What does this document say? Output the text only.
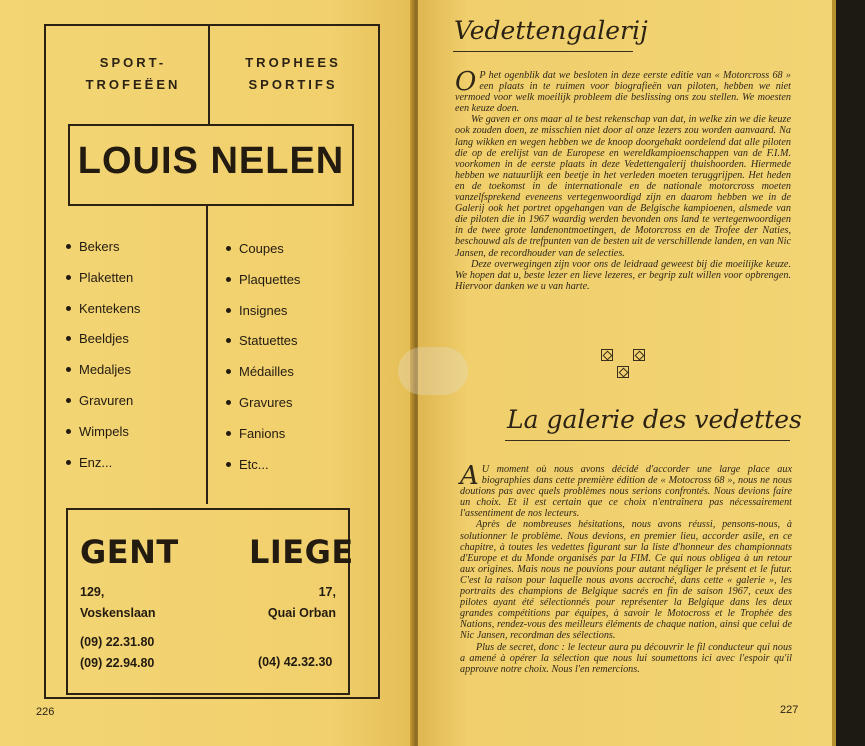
SPORT-
TROFEËEN
TROPHEES
SPORTIFS
LOUIS NELEN
Bekers
Plaketten
Kentekens
Beeldjes
Medaljes
Gravuren
Wimpels
Enz...
Coupes
Plaquettes
Insignes
Statuettes
Médailles
Gravures
Fanions
Etc...
GENT LIEGE
129,
Voskenslaan
(09) 22.31.80
(09) 22.94.80
17,
Quai Orban
(04) 42.32.30
226
Vedettengalerij

O P het ogenblik dat we besloten in deze eerste editie van « Motorcross 68 » een plaats in te ruimen voor biografieën van piloten, hebben we niet vermoed voor welk moeilijk probleem die beslissing ons zou stellen. We moesten een keuze doen.

We gaven er ons maar al te best rekenschap van dat, in welke zin we die keuze ook zouden doen, ze misschien niet door al onze lezers zou worden aanvaard. Na lang wikken en wegen hebben we de knoop doorgehakt oordelend dat alle piloten die op de erelijst van de Europese en wereldkampioenschappen van de F.I.M. voorkomen in de eerste plaats in deze Vedettengalerij thuishoorden. Hiermede hebben we natuurlijk een beetje in het verleden moeten teruggrijpen. Het heden en de toekomst in de internationale en de nationale motorcross moeten vanzelfsprekend eveneens vertegenwoordigd zijn en daarom hebben we in de Galerij ook het portret opgehangen van de Belgische kampioenen, alsmede van die piloten die in 1967 waardig werden bevonden ons land te vertegenwoordigen in de twee grote landenontmoetingen, de Motorcross en de Trofee der Naties, beschouwd als de trefpunten van de besten uit de verschillende landen, en van Nic Jansen, de recordhouder van de selecties.

Deze overwegingen zijn voor ons de leidraad geweest bij die moeilijke keuze. We hopen dat u, beste lezer en lieve lezeres, er begrip zult willen voor opbrengen. Hiervoor danken we u van harte.

La galerie des vedettes

A U moment où nous avons décidé d'accorder une large place aux biographies dans cette première édition de « Motocross 68 », nous ne nous doutions pas avec quels problèmes nous serions confrontés. Nous devions faire un choix. Et il est certain que ce choix n'entraînera pas nécessairement l'assentiment de nos lecteurs.

Après de nombreuses hésitations, nous avons réussi, pensons-nous, à solutionner le problème. Nous devions, en premier lieu, accorder asile, en ce chapitre, à toutes les vedettes figurant sur la liste d'honneur des championnats d'Europe et du Monde organisés par la FIM. Ce qui nous obligea à un retour aux origines. Mais nous ne pouvions pour autant négliger le présent et le futur. C'est la raison pour laquelle nous avons accroché, dans cette « galerie », les portraits des champions de Belgique sacrés en fin de saison 1967, ceux des pilotes ayant été sélectionnés pour représenter la Belgique dans les deux grandes compétitions par équipes, à savoir le Motocross et le Trophée des Nations, rendez-vous des meilleurs éléments de chaque nation, ainsi que celui de Nic Jansen, recordman des sélections.

Plus de secret, donc : le lecteur aura pu découvrir le fil conducteur qui nous a amené à opérer la sélection que nous lui soumettons ici avec l'espoir qu'il approuve notre choix. Nous l'en remercions.

227
